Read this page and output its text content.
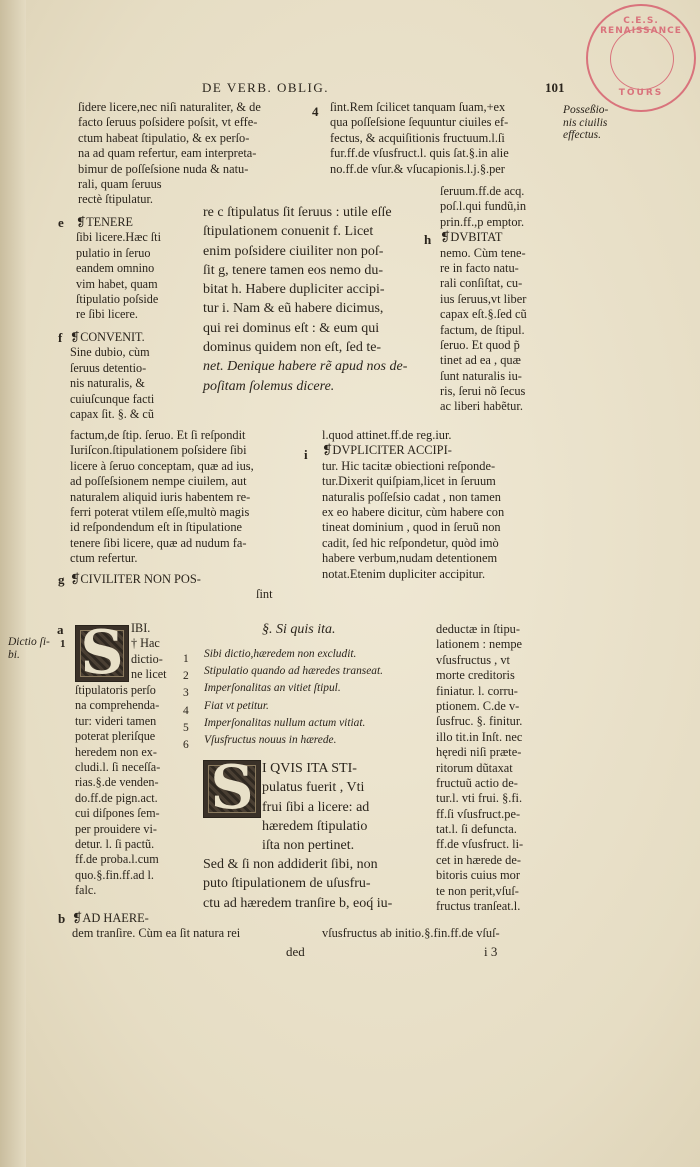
C.E.S. RENAISSANCE
TOURS
DE VERB. OBLIG.	101
Posseßio-
nis ciuilis
effectus.
ſidere licere,nec niſi naturaliter, & de
facto ſeruus poſsidere poſsit, vt effe-
ctum habeat ſtipulatio, & ex perſo-
na ad quam refertur, eam interpreta-
bimur de poſſeſsione nuda & natu-
rali, quam ſeruus
rectè ſtipulatur.
e ❡TENERE
ſibi licere.Hæc ſti
pulatio in ſeruo
eandem omnino
vim habet, quam
ſtipulatio poſside
re ſibi licere.
f ❡CONVENIT.
Sine dubio, cùm
ſeruus detentio-
nis naturalis, &
cuiuſcunque facti
capax ſit. §. & cũ
factum,de ſtip. ſeruo. Et ſi reſpondit
Iuriſcon.ſtipulationem poſsidere ſibi
licere à ſeruo conceptam, quæ ad ius,
ad poſſeſsionem nempe ciuilem, aut
naturalem aliquid iuris habentem re-
ferri poterat vtilem eſſe,multò magis
id reſpondendum eſt in ſtipulatione
tenere ſibi licere, quæ ad nudum fa-
ctum refertur.
g ❡CIVILITER NON POS-
ſint
4 ſint.Rem ſcilicet tanquam ſuam,+ex
qua poſſeſsione ſequuntur ciuiles ef-
fectus, & acquiſitionis fructuum.l.ſi
fur.ff.de vſusfruct.l. quis ſat.§.in alie
no.ff.de vſur.& vſucapionis.l.j.§.per
ſeruum.ff.de acq.
poſ.l.qui fundũ,in
prin.ff.,p emptor.
❡DVBITAT
nemo. Cùm tene-
re in facto natu-
rali conſiſtat, cu-
ius ſeruus,vt liber
capax eſt.§.ſed cũ
factum, de ſtipul.
ſeruo. Et quod p̃
tinet ad ea , quæ
ſunt naturalis iu-
ris, ſerui nõ ſecus
ac liberi habẽtur.
h
re c ſtipulatus ſit ſeruus : utile eſſe
ſtipulationem conuenit f. Licet
enim poſsidere ciuiliter non poſ-
ſit g, tenere tamen eos nemo du-
bitat h. Habere dupliciter accipi-
tur i. Nam & eũ habere dicimus,
qui rei dominus eſt : & eum qui
dominus quidem non eſt, ſed te-
net. Denique habere rẽ apud nos de-
poſitam ſolemus dicere.
i
l.quod attinet.ff.de reg.iur.
❡DVPLICITER ACCIPI-
tur. Hic tacitæ obiectioni reſponde-
tur.Dixerit quiſpiam,licet in ſeruum
naturalis poſſeſsio cadat , non tamen
ex eo habere dicitur, cùm habere con
tineat dominium , quod in ſeruũ non
cadit, ſed hic reſpondetur, quòd imò
habere verbum,nudam detentionem
notat.Etenim dupliciter accipitur.
Dictio ſi-
bi.
a
1 S
S
IBI.
† Hac
dictio-
ne licet
ſtipulatoris perſo
na comprehenda-
tur: videri tamen
poterat pleriſque
heredem non ex-
cludi.l. ſi neceſſa-
rias.§.de venden-
do.ff.de pign.act.
cui diſpones ſem-
per prouidere vi-
detur. l. ſi pactũ.
ff.de proba.l.cum
quo.§.fin.ff.ad l.
falc.
§. Si quis ita.
1
2
3
4
5
6
Sibi dictio,hæredem non excludit.
Stipulatio quando ad hæredes transeat.
Imperſonalitas an vitiet ſtipul.
Fiat vt petitur.
Imperſonalitas nullum actum vitiat.
Vſusfructus nouus in hærede.
I QVIS ITA STI-
pulatus fuerit , Vti
frui ſibi a licere: ad
hæredem ſtipulatio
iſta non pertinet.
Sed & ſi non addiderit ſibi, non
puto ſtipulationem de uſusfru-
ctu ad hæredem tranſire b, eoq́ iu-
deductæ in ſtipu-
lationem : nempe
vſusfructus , vt
morte creditoris
finiatur. l. corru-
ptionem. C.de v-
ſusfruc. §. finitur.
illo tit.in Inſt. nec
hęredi niſi præte-
ritorum dũtaxat
fructuũ actio de-
tur.l. vti frui. §.fi.
ff.ſi vſusfruct.pe-
tat.l. ſi defuncta.
ff.de vſusfruct. li-
cet in hærede de-
bitoris cuius mor
te non perit,vſuſ-
fructus tranſeat.l.
b ❡AD HAERE-
dem tranſire. Cùm ea ſit natura rei	vſusfructus ab initio.§.fin.ff.de vſuſ-
ded	i 3
